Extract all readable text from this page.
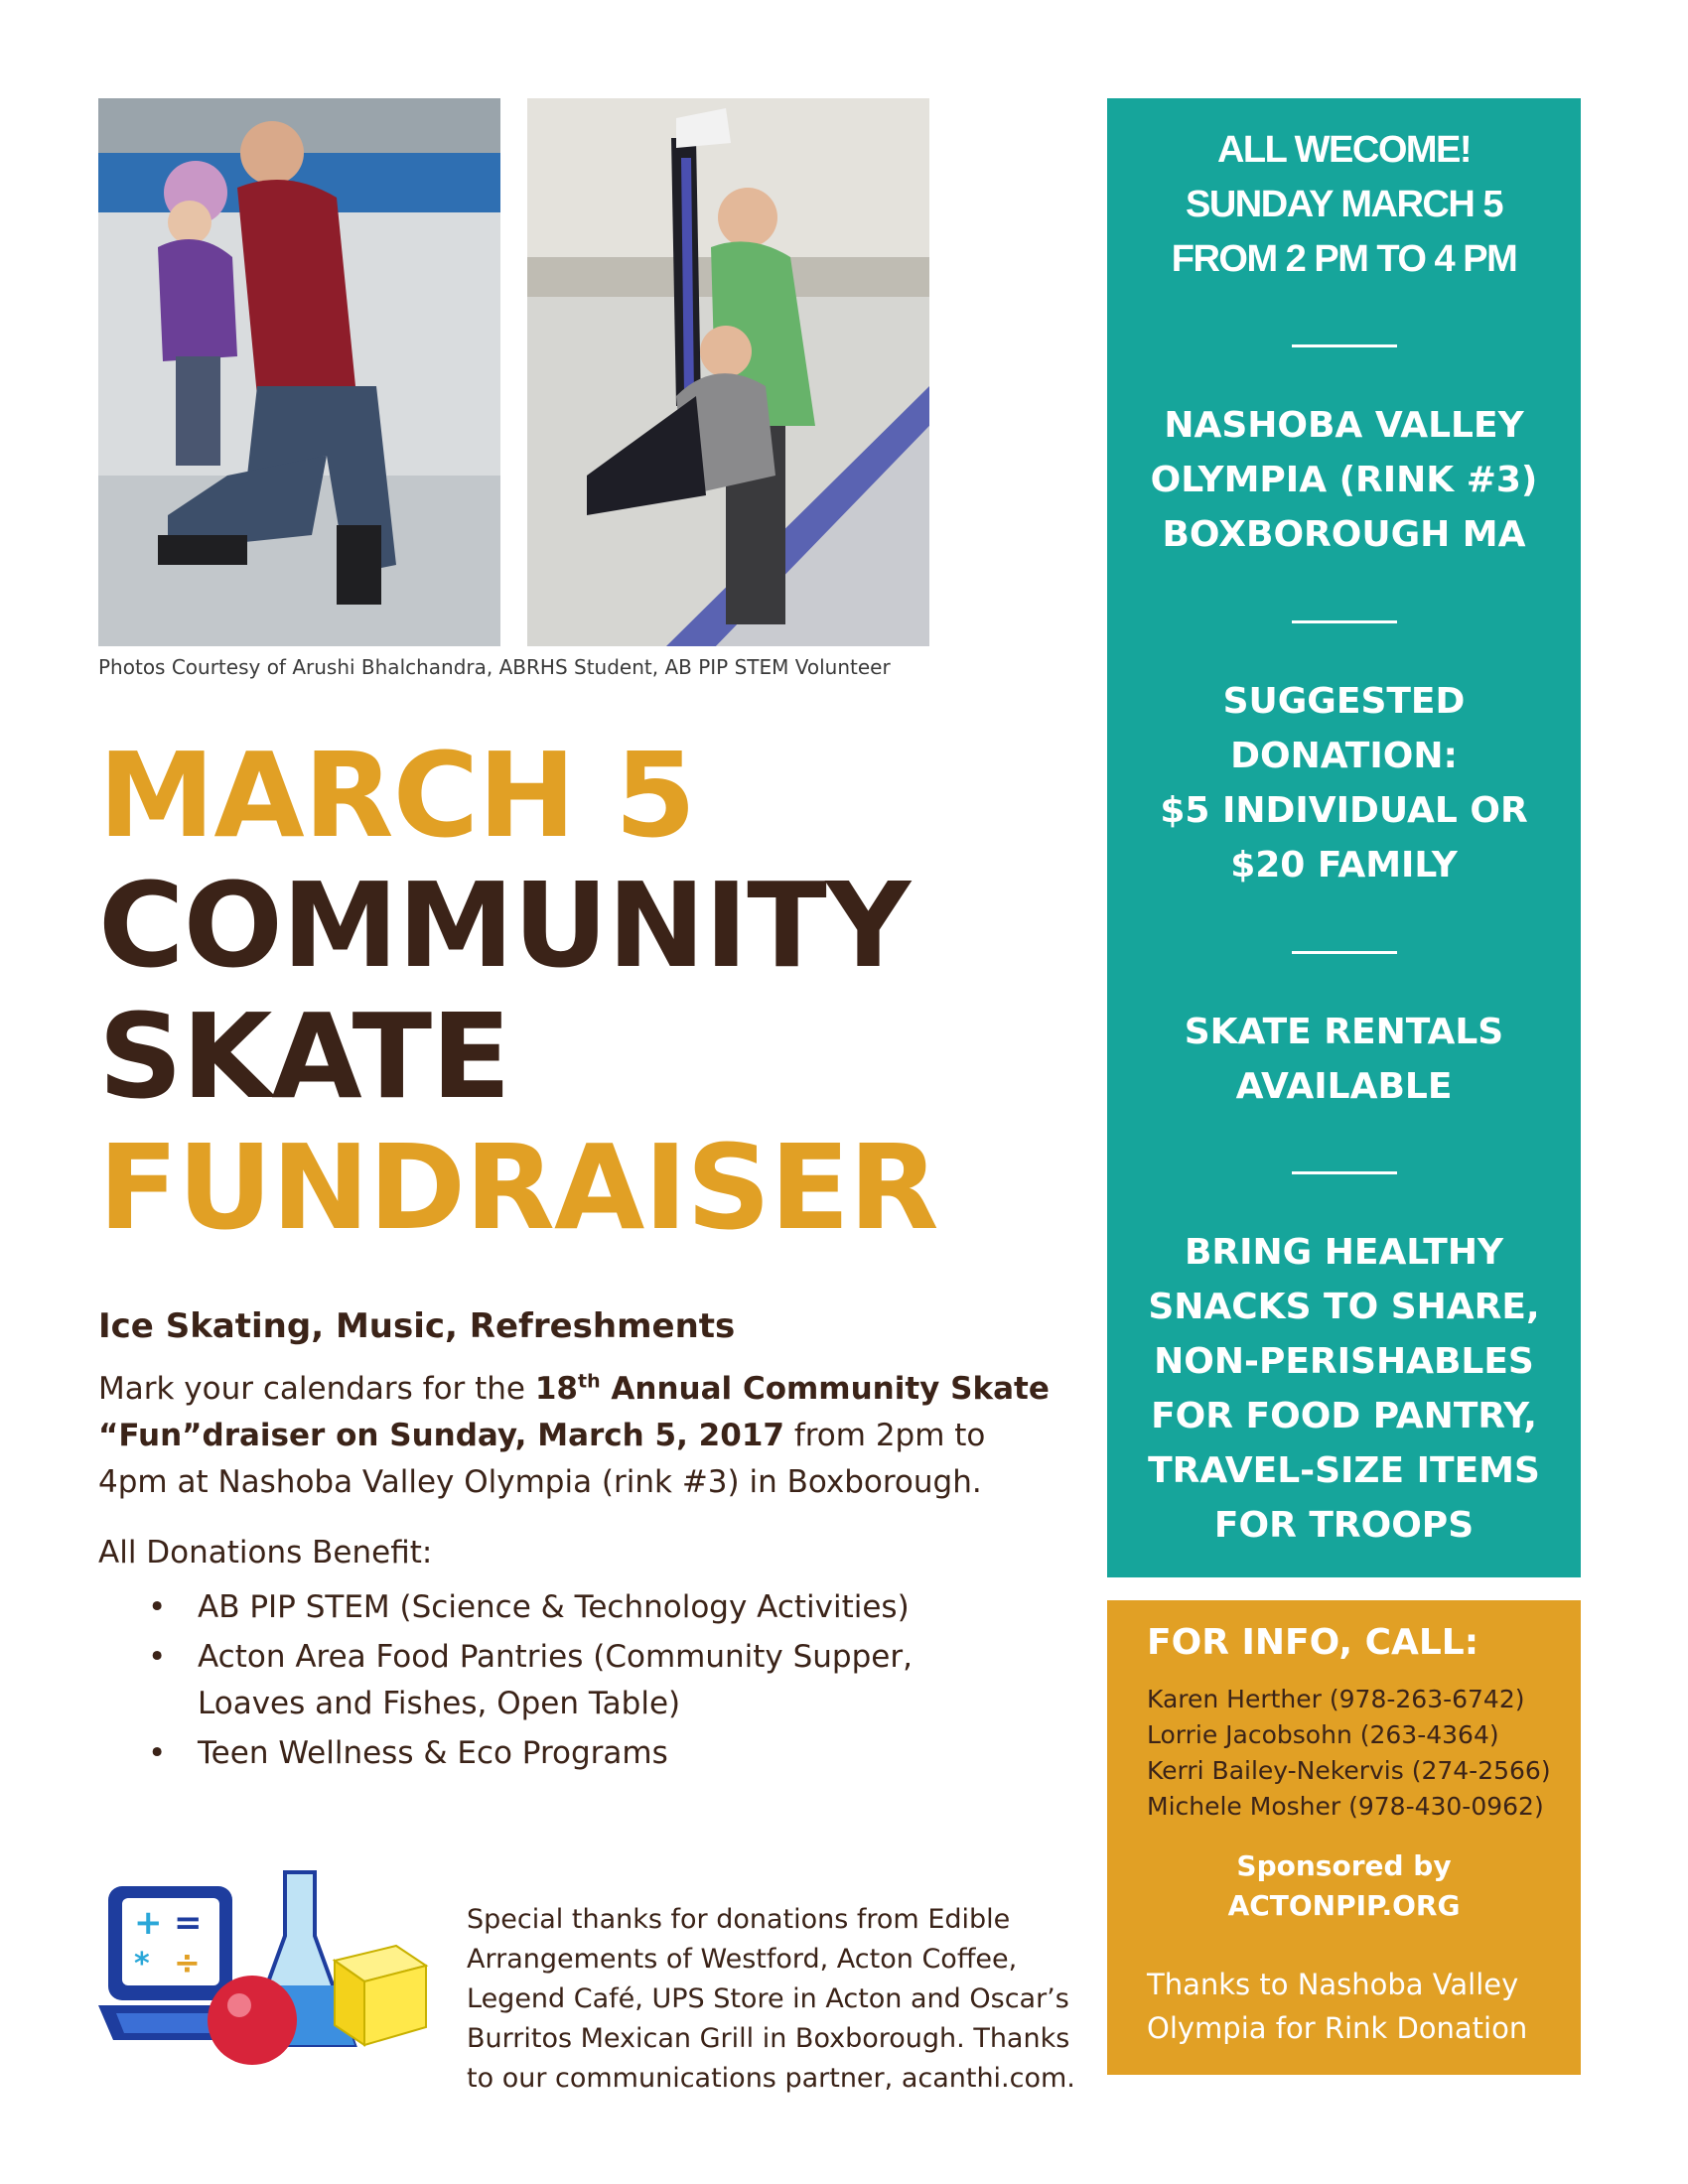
Photos Courtesy of Arushi Bhalchandra, ABRHS Student, AB PIP STEM Volunteer
MARCH 5
COMMUNITY
SKATE
FUNDRAISER
Ice Skating, Music, Refreshments
Mark your calendars for the 18th Annual Community Skate “Fun”draiser on Sunday, March 5, 2017 from 2pm to 4pm at Nashoba Valley Olympia (rink #3) in Boxborough.
All Donations Benefit:
• AB PIP STEM (Science & Technology Activities)
• Acton Area Food Pantries (Community Supper, Loaves and Fishes, Open Table)
• Teen Wellness & Eco Programs
+ =
* ÷
Special thanks for donations from Edible Arrangements of Westford, Acton Coffee, Legend Café, UPS Store in Acton and Oscar’s Burritos Mexican Grill in Boxborough. Thanks to our communications partner, acanthi.com.
ALL WECOME!
SUNDAY MARCH 5
FROM 2 PM TO 4 PM
NASHOBA VALLEY
OLYMPIA (RINK #3)
BOXBOROUGH MA
SUGGESTED
DONATION:
$5 INDIVIDUAL OR
$20 FAMILY
SKATE RENTALS
AVAILABLE
BRING HEALTHY
SNACKS TO SHARE,
NON-PERISHABLES
FOR FOOD PANTRY,
TRAVEL-SIZE ITEMS
FOR TROOPS
FOR INFO, CALL:
Karen Herther (978-263-6742)
Lorrie Jacobsohn (263-4364)
Kerri Bailey-Nekervis (274-2566)
Michele Mosher (978-430-0962)
Sponsored by
ACTONPIP.ORG
Thanks to Nashoba Valley
Olympia for Rink Donation
